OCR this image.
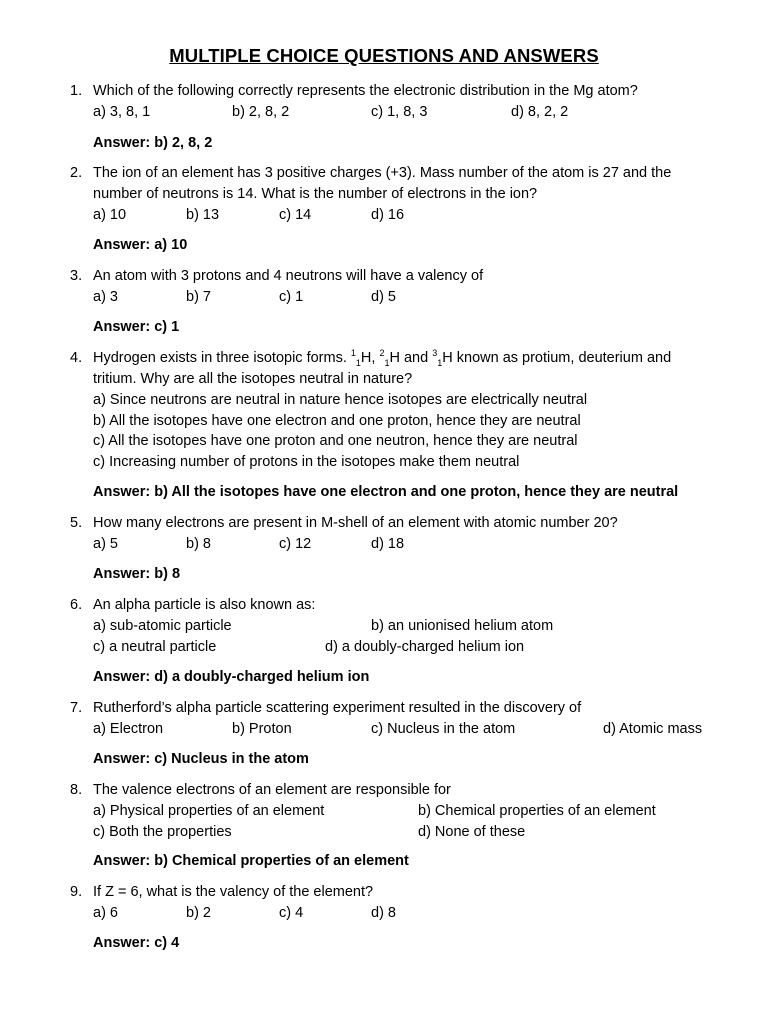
MULTIPLE CHOICE QUESTIONS AND ANSWERS
1. Which of the following correctly represents the electronic distribution in the Mg atom?
a) 3, 8, 1	b) 2, 8, 2	c) 1, 8, 3	d) 8, 2, 2
Answer: b) 2, 8, 2
2. The ion of an element has 3 positive charges (+3). Mass number of the atom is 27 and the
number of neutrons is 14. What is the number of electrons in the ion?
a) 10	b) 13	c) 14	d) 16
Answer: a) 10
3. An atom with 3 protons and 4 neutrons will have a valency of
a) 3	b) 7	c) 1	d) 5
Answer: c) 1
4. Hydrogen exists in three isotopic forms. $^1_1$H, $^2_1$H and $^3_1$H known as protium, deuterium and
tritium. Why are all the isotopes neutral in nature?
a) Since neutrons are neutral in nature hence isotopes are electrically neutral
b) All the isotopes have one electron and one proton, hence they are neutral
c) All the isotopes have one proton and one neutron, hence they are neutral
c) Increasing number of protons in the isotopes make them neutral
Answer: b) All the isotopes have one electron and one proton, hence they are neutral
5. How many electrons are present in M-shell of an element with atomic number 20?
a) 5	b) 8	c) 12	d) 18
Answer: b) 8
6. An alpha particle is also known as:
a) sub-atomic particle	b) an unionised helium atom
c) a neutral particle	d) a doubly-charged helium ion
Answer: d) a doubly-charged helium ion
7. Rutherford’s alpha particle scattering experiment resulted in the discovery of
a) Electron	b) Proton	c) Nucleus in the atom	d) Atomic mass
Answer: c) Nucleus in the atom
8. The valence electrons of an element are responsible for
a) Physical properties of an element	b) Chemical properties of an element
c) Both the properties	d) None of these
Answer: b) Chemical properties of an element
9. If Z = 6, what is the valency of the element?
a) 6	b) 2	c) 4	d) 8
Answer: c) 4
